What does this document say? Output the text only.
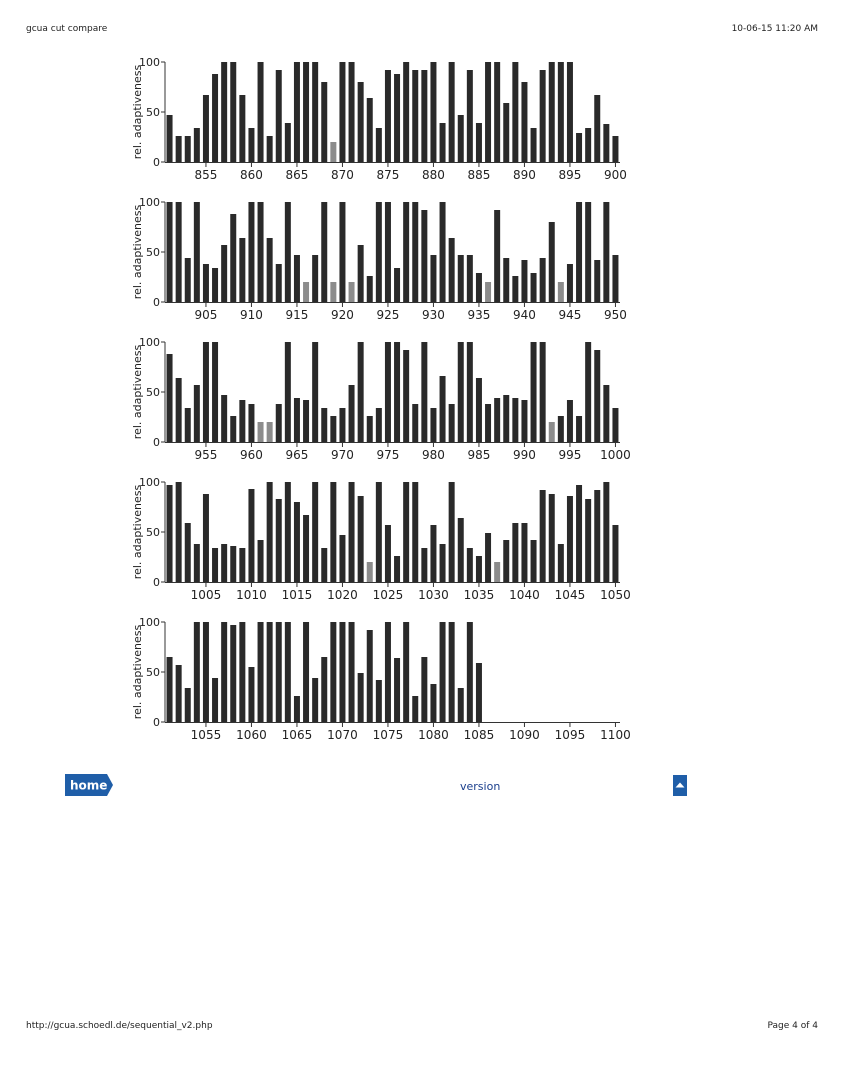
gcua cut compare	10-06-15 11:20 AM
0
50
100
rel. adaptiveness
855 860 865 870 875 880 885 890 895 900
0
50
100
rel. adaptiveness
905 910 915 920 925 930 935 940 945 950
0
50
100
rel. adaptiveness
955 960 965 970 975 980 985 990 995 1000
0
50
100
rel. adaptiveness
1005 1010 1015 1020 1025 1030 1035 1040 1045 1050
0
50
100
rel. adaptiveness
1055 1060 1065 1070 1075 1080 1085 1090 1095 1100
home	version
http://gcua.schoedl.de/sequential_v2.php	Page 4 of 4
